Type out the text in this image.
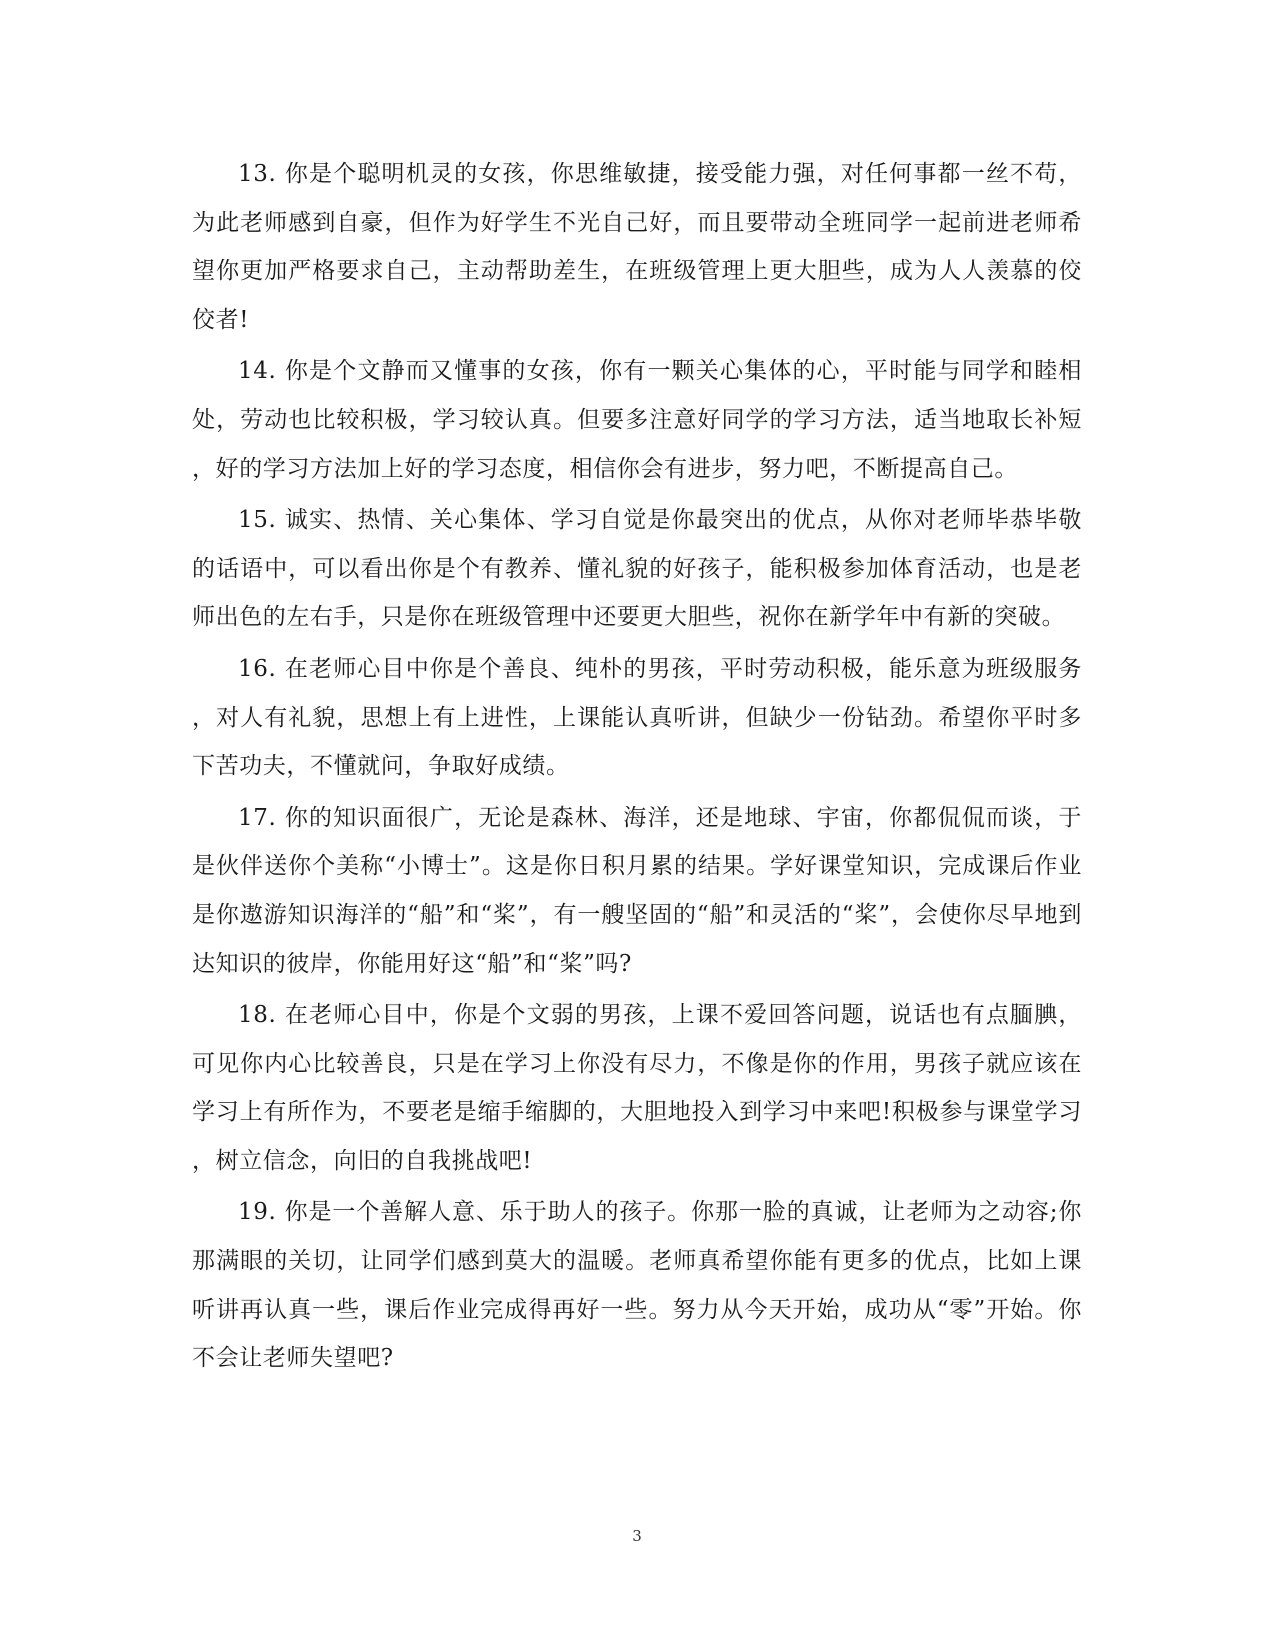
13. 你是个聪明机灵的女孩，你思维敏捷，接受能力强，对任何事都一丝不苟，为此老师感到自豪，但作为好学生不光自己好，而且要带动全班同学一起前进老师希望你更加严格要求自己，主动帮助差生，在班级管理上更大胆些，成为人人羡慕的佼佼者!

14. 你是个文静而又懂事的女孩，你有一颗关心集体的心，平时能与同学和睦相处，劳动也比较积极，学习较认真。但要多注意好同学的学习方法，适当地取长补短，好的学习方法加上好的学习态度，相信你会有进步，努力吧，不断提高自己。

15. 诚实、热情、关心集体、学习自觉是你最突出的优点，从你对老师毕恭毕敬的话语中，可以看出你是个有教养、懂礼貌的好孩子，能积极参加体育活动，也是老师出色的左右手，只是你在班级管理中还要更大胆些，祝你在新学年中有新的突破。

16. 在老师心目中你是个善良、纯朴的男孩，平时劳动积极，能乐意为班级服务，对人有礼貌，思想上有上进性，上课能认真听讲，但缺少一份钻劲。希望你平时多下苦功夫，不懂就问，争取好成绩。

17. 你的知识面很广，无论是森林、海洋，还是地球、宇宙，你都侃侃而谈，于是伙伴送你个美称“小博士”。这是你日积月累的结果。学好课堂知识，完成课后作业是你遨游知识海洋的“船”和“桨”，有一艘坚固的“船”和灵活的“桨”，会使你尽早地到达知识的彼岸，你能用好这“船”和“桨”吗?

18. 在老师心目中，你是个文弱的男孩，上课不爱回答问题，说话也有点腼腆，可见你内心比较善良，只是在学习上你没有尽力，不像是你的作用，男孩子就应该在学习上有所作为，不要老是缩手缩脚的，大胆地投入到学习中来吧!积极参与课堂学习，树立信念，向旧的自我挑战吧!

19. 你是一个善解人意、乐于助人的孩子。你那一脸的真诚，让老师为之动容;你那满眼的关切，让同学们感到莫大的温暖。老师真希望你能有更多的优点，比如上课听讲再认真一些，课后作业完成得再好一些。努力从今天开始，成功从“零”开始。你不会让老师失望吧?

3
